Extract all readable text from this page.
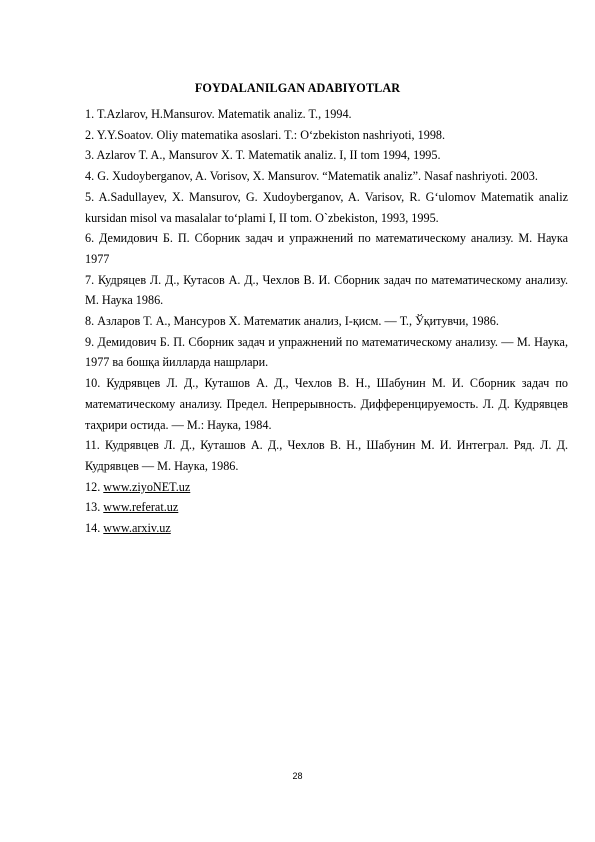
FOYDALANILGAN ADABIYOTLAR

1. T.Azlarov, H.Mansurov. Matematik analiz. T., 1994.

2. Y.Y.Soatov. Oliy matematika asoslari. T.: O‘zbekiston nashriyoti, 1998.

3. Azlarov T. A., Mansurov X. T. Matematik analiz. I, II tom 1994, 1995.

4. G. Xudoyberganov, A. Vorisov, X. Mansurov. “Matematik analiz”. Nasaf nashriyoti. 2003.

5. A.Sadullayev, X. Mansurov, G. Xudoyberganov, A. Varisov, R. G‘ulomov Matematik analiz kursidan misol va masalalar to‘plami I, II tom. O`zbekiston, 1993, 1995.

6. Демидович Б. П. Сборник задач и упражнений по математическому анализу. М. Наука 1977

7. Кудряцев Л. Д., Кутасов А. Д., Чехлов В. И. Сборник задач по математическому анализу. М. Наука 1986.

8. Азларов Т. А., Мансуров Х. Математик анализ, I-қисм. — Т., Ўқитувчи, 1986.

9. Демидович Б. П. Сборник задач и упражнений по математическому анализу. — М. Наука, 1977 ва бошқа йилларда нашрлари.

10. Кудрявцев Л. Д., Куташов А. Д., Чехлов В. Н., Шабунин М. И. Сборник задач по математическому анализу. Предел. Непрерывность. Дифференцируемость. Л. Д. Кудрявцев таҳрири остида. — М.: Наука, 1984.

11. Кудрявцев Л. Д., Куташов А. Д., Чехлов В. Н., Шабунин М. И. Интеграл. Ряд. Л. Д. Кудрявцев — М. Наука, 1986.

12. www.ziyoNET.uz

13. www.referat.uz

14. www.arxiv.uz

28
